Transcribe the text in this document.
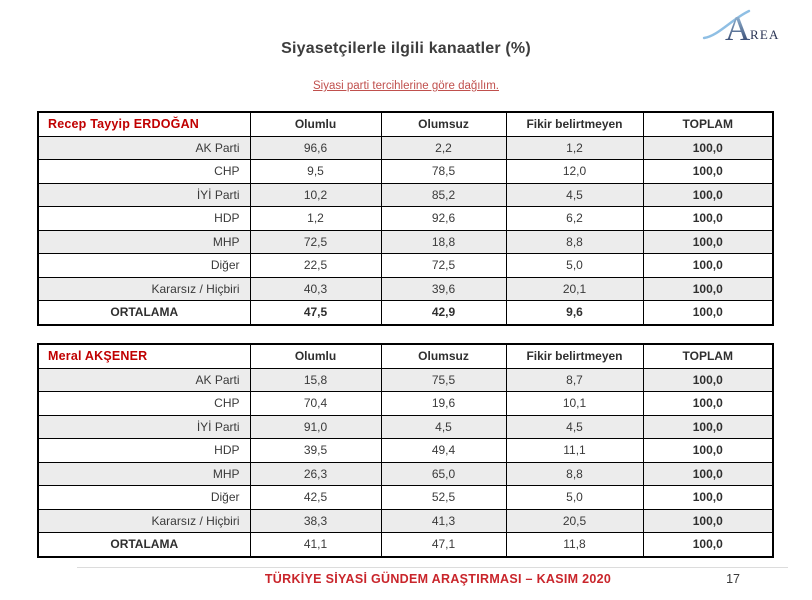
A REA
Siyasetçilerle ilgili kanaatler (%)
Siyasi parti tercihlerine göre dağılım.
Recep Tayyip ERDOĞAN	Olumlu	Olumsuz	Fikir belirtmeyen	TOPLAM
AK Parti	96,6	2,2	1,2	100,0
CHP	9,5	78,5	12,0	100,0
İYİ Parti	10,2	85,2	4,5	100,0
HDP	1,2	92,6	6,2	100,0
MHP	72,5	18,8	8,8	100,0
Diğer	22,5	72,5	5,0	100,0
Kararsız / Hiçbiri	40,3	39,6	20,1	100,0
ORTALAMA	47,5	42,9	9,6	100,0
Meral AKŞENER	Olumlu	Olumsuz	Fikir belirtmeyen	TOPLAM
AK Parti	15,8	75,5	8,7	100,0
CHP	70,4	19,6	10,1	100,0
İYİ Parti	91,0	4,5	4,5	100,0
HDP	39,5	49,4	11,1	100,0
MHP	26,3	65,0	8,8	100,0
Diğer	42,5	52,5	5,0	100,0
Kararsız / Hiçbiri	38,3	41,3	20,5	100,0
ORTALAMA	41,1	47,1	11,8	100,0
TÜRKİYE SİYASİ GÜNDEM ARAŞTIRMASI – KASIM 2020	17
